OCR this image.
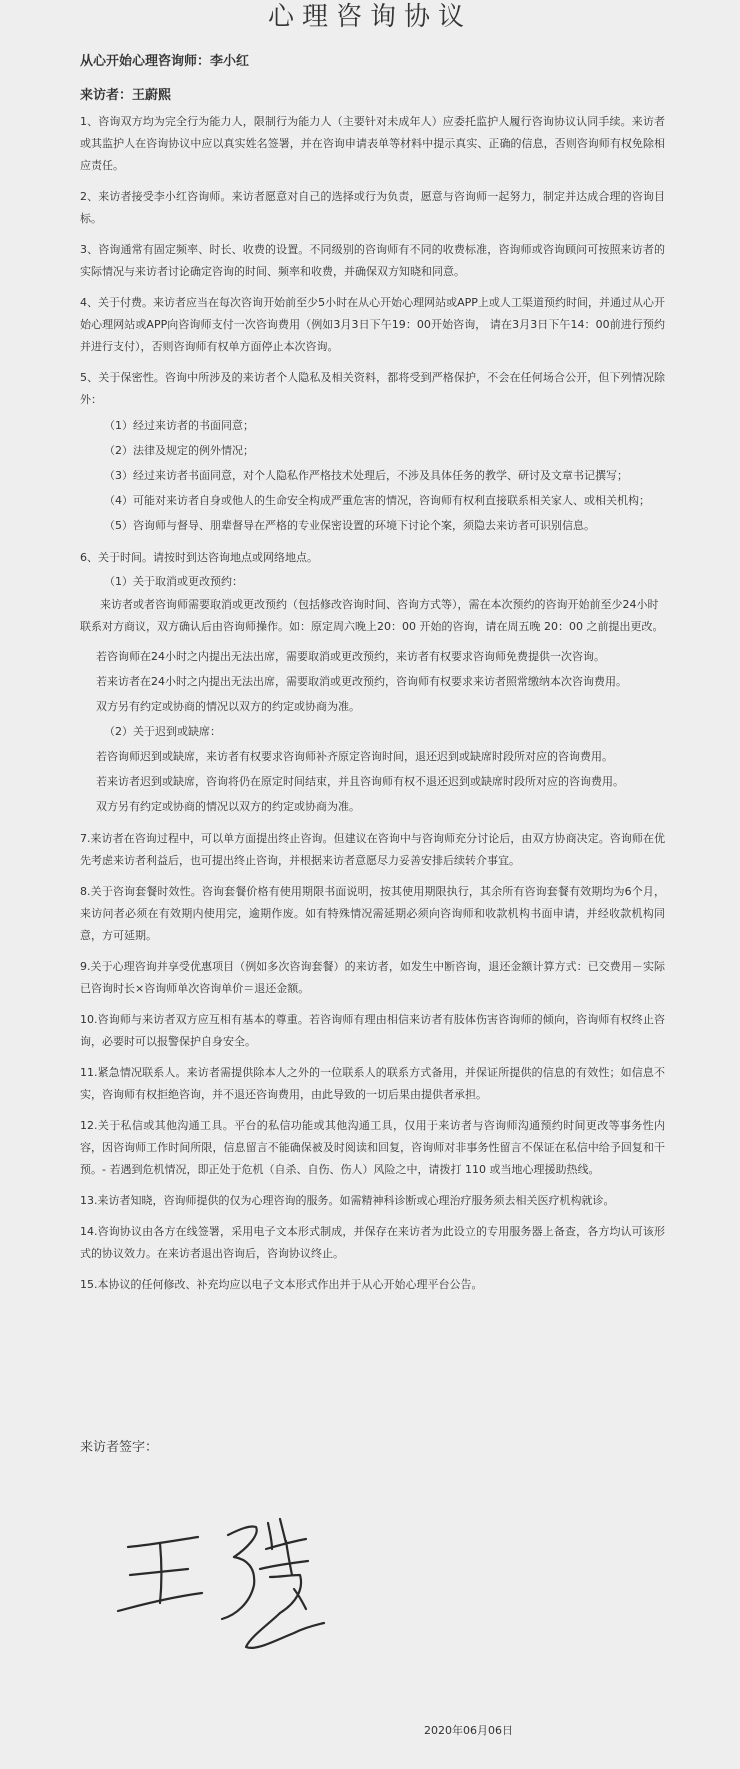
心理咨询协议
从心开始心理咨询师：李小红
来访者：王蔚熙

1、咨询双方均为完全行为能力人，限制行为能力人（主要针对未成年人）应委托监护人履行咨询协议认同手续。来访者或其监护人在咨询协议中应以真实姓名签署，并在咨询申请表单等材料中提示真实、正确的信息，否则咨询师有权免除相应责任。

2、来访者接受李小红咨询师。来访者愿意对自己的选择或行为负责，愿意与咨询师一起努力，制定并达成合理的咨询目标。

3、咨询通常有固定频率、时长、收费的设置。不同级别的咨询师有不同的收费标准，咨询师或咨询顾问可按照来访者的实际情况与来访者讨论确定咨询的时间、频率和收费，并确保双方知晓和同意。

4、关于付费。来访者应当在每次咨询开始前至少5小时在从心开始心理网站或APP上或人工渠道预约时间，并通过从心开始心理网站或APP向咨询师支付一次咨询费用（例如3月3日下午19：00开始咨询， 请在3月3日下午14：00前进行预约并进行支付），否则咨询师有权单方面停止本次咨询。

5、关于保密性。咨询中所涉及的来访者个人隐私及相关资料，都将受到严格保护，不会在任何场合公开，但下列情况除外：

（1）经过来访者的书面同意；

（2）法律及规定的例外情况；

（3）经过来访者书面同意，对个人隐私作严格技术处理后，不涉及具体任务的教学、研讨及文章书记撰写；

（4）可能对来访者自身或他人的生命安全构成严重危害的情况，咨询师有权利直接联系相关家人、或相关机构；

（5）咨询师与督导、朋辈督导在严格的专业保密设置的环境下讨论个案，须隐去来访者可识别信息。

6、关于时间。请按时到达咨询地点或网络地点。

（1）关于取消或更改预约：

来访者或者咨询师需要取消或更改预约（包括修改咨询时间、咨询方式等），需在本次预约的咨询开始前至少24小时联系对方商议，双方确认后由咨询师操作。如：原定周六晚上20：00 开始的咨询，请在周五晚 20：00 之前提出更改。

若咨询师在24小时之内提出无法出席，需要取消或更改预约，来访者有权要求咨询师免费提供一次咨询。

若来访者在24小时之内提出无法出席，需要取消或更改预约，咨询师有权要求来访者照常缴纳本次咨询费用。

双方另有约定或协商的情况以双方的约定或协商为准。

（2）关于迟到或缺席：

若咨询师迟到或缺席，来访者有权要求咨询师补齐原定咨询时间，退还迟到或缺席时段所对应的咨询费用。

若来访者迟到或缺席，咨询将仍在原定时间结束，并且咨询师有权不退还迟到或缺席时段所对应的咨询费用。

双方另有约定或协商的情况以双方的约定或协商为准。

7.来访者在咨询过程中，可以单方面提出终止咨询。但建议在咨询中与咨询师充分讨论后，由双方协商决定。咨询师在优先考虑来访者利益后，也可提出终止咨询，并根据来访者意愿尽力妥善安排后续转介事宜。

8.关于咨询套餐时效性。咨询套餐价格有使用期限书面说明，按其使用期限执行，其余所有咨询套餐有效期均为6个月，来访问者必须在有效期内使用完，逾期作废。如有特殊情况需延期必须向咨询师和收款机构书面申请，并经收款机构同意，方可延期。

9.关于心理咨询并享受优惠项目（例如多次咨询套餐）的来访者，如发生中断咨询，退还金额计算方式：已交费用－实际已咨询时长×咨询师单次咨询单价＝退还金额。

10.咨询师与来访者双方应互相有基本的尊重。若咨询师有理由相信来访者有肢体伤害咨询师的倾向，咨询师有权终止咨询，必要时可以报警保护自身安全。

11.紧急情况联系人。来访者需提供除本人之外的一位联系人的联系方式备用，并保证所提供的信息的有效性；如信息不实，咨询师有权拒绝咨询，并不退还咨询费用，由此导致的一切后果由提供者承担。

12.关于私信或其他沟通工具。平台的私信功能或其他沟通工具，仅用于来访者与咨询师沟通预约时间更改等事务性内容，因咨询师工作时间所限，信息留言不能确保被及时阅读和回复，咨询师对非事务性留言不保证在私信中给予回复和干预。- 若遇到危机情况，即正处于危机（自杀、自伤、伤人）风险之中，请拨打 110 或当地心理援助热线。

13.来访者知晓，咨询师提供的仅为心理咨询的服务。如需精神科诊断或心理治疗服务须去相关医疗机构就诊。

14.咨询协议由各方在线签署，采用电子文本形式制成，并保存在来访者为此设立的专用服务器上备查，各方均认可该形式的协议效力。在来访者退出咨询后，咨询协议终止。

15.本协议的任何修改、补充均应以电子文本形式作出并于从心开始心理平台公告。

来访者签字：
2020年06月06日
